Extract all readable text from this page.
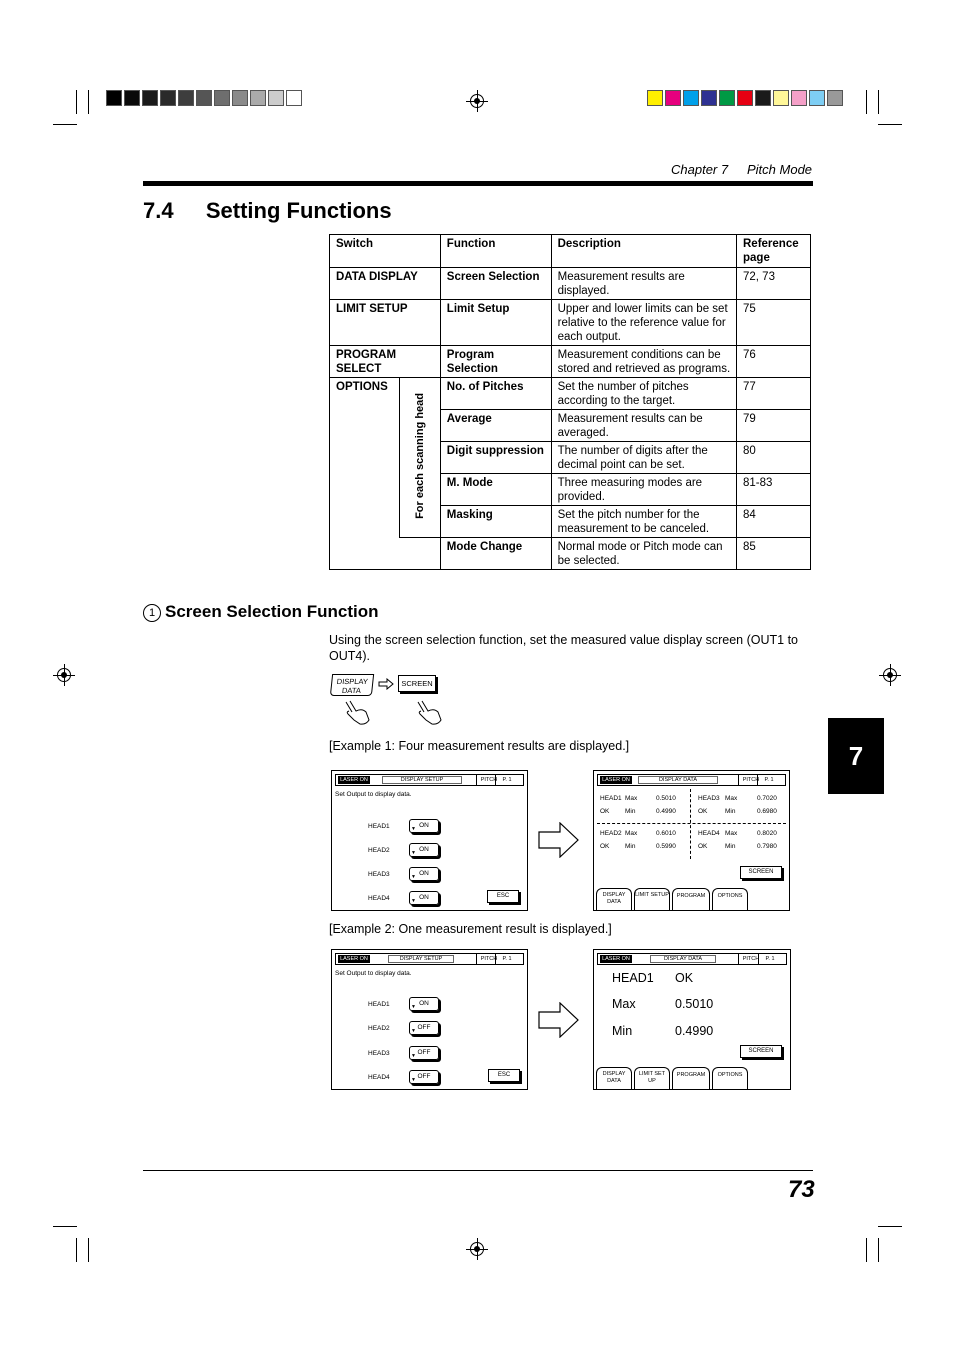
Chapter 7 Pitch Mode
7.4 Setting Functions
Switch		Function	Description	Reference page
DATA DISPLAY		Screen Selection	Measurement results are displayed.	72, 73
LIMIT SETUP		Limit Setup	Upper and lower limits can be set relative to the reference value for each output.	75
PROGRAM SELECT		Program Selection	Measurement conditions can be stored and retrieved as programs.	76
OPTIONS	For each scanning head	No. of Pitches	Set the number of pitches according to the target.	77
		Average	Measurement results can be averaged.	79
		Digit suppression	The number of digits after the decimal point can be set.	80
		M. Mode	Three measuring modes are provided.	81-83
		Masking	Set the pitch number for the measurement to be canceled.	84
		Mode Change	Normal mode or Pitch mode can be selected.	85
1 Screen Selection Function
Using the screen selection function, set the measured value display screen (OUT1 to OUT4).
DISPLAY DATA
SCREEN
[Example 1: Four measurement results are displayed.]
LASER ON	DISPLAY SETUP	PITCH P. 1
Set Output to display data.
HEAD1	▼ ON
HEAD2	▼ ON
HEAD3	▼ ON
HEAD4	▼ ON	ESC
LASER ON	DISPLAY DATA	PITCH P. 1
HEAD1 Max	0.5010
OK Min	0.4990
HEAD3 Max	0.7020
OK	Min	0.6980
HEAD2 Max	0.6010
OK Min	0.5990
HEAD4 Max	0.8020
OK	Min	0.7980
SCREEN
DISPLAY DATA
LIMIT SETUP	PROGRAM	OPTIONS
[Example 2: One measurement result is displayed.]
LASER ON	DISPLAY SETUP	PITCH P. 1
Set Output to display data.
HEAD1	▼ ON
HEAD2	▼ OFF
HEAD3	▼ OFF
HEAD4	▼ OFF	ESC
LASER ON	DISPLAY DATA	PITCH	P. 1
HEAD1 OK
Max	0.5010
Min	0.4990
SCREEN
DISPLAY DATA
LIMIT SET UP
PROGRAM	OPTIONS
7
73
